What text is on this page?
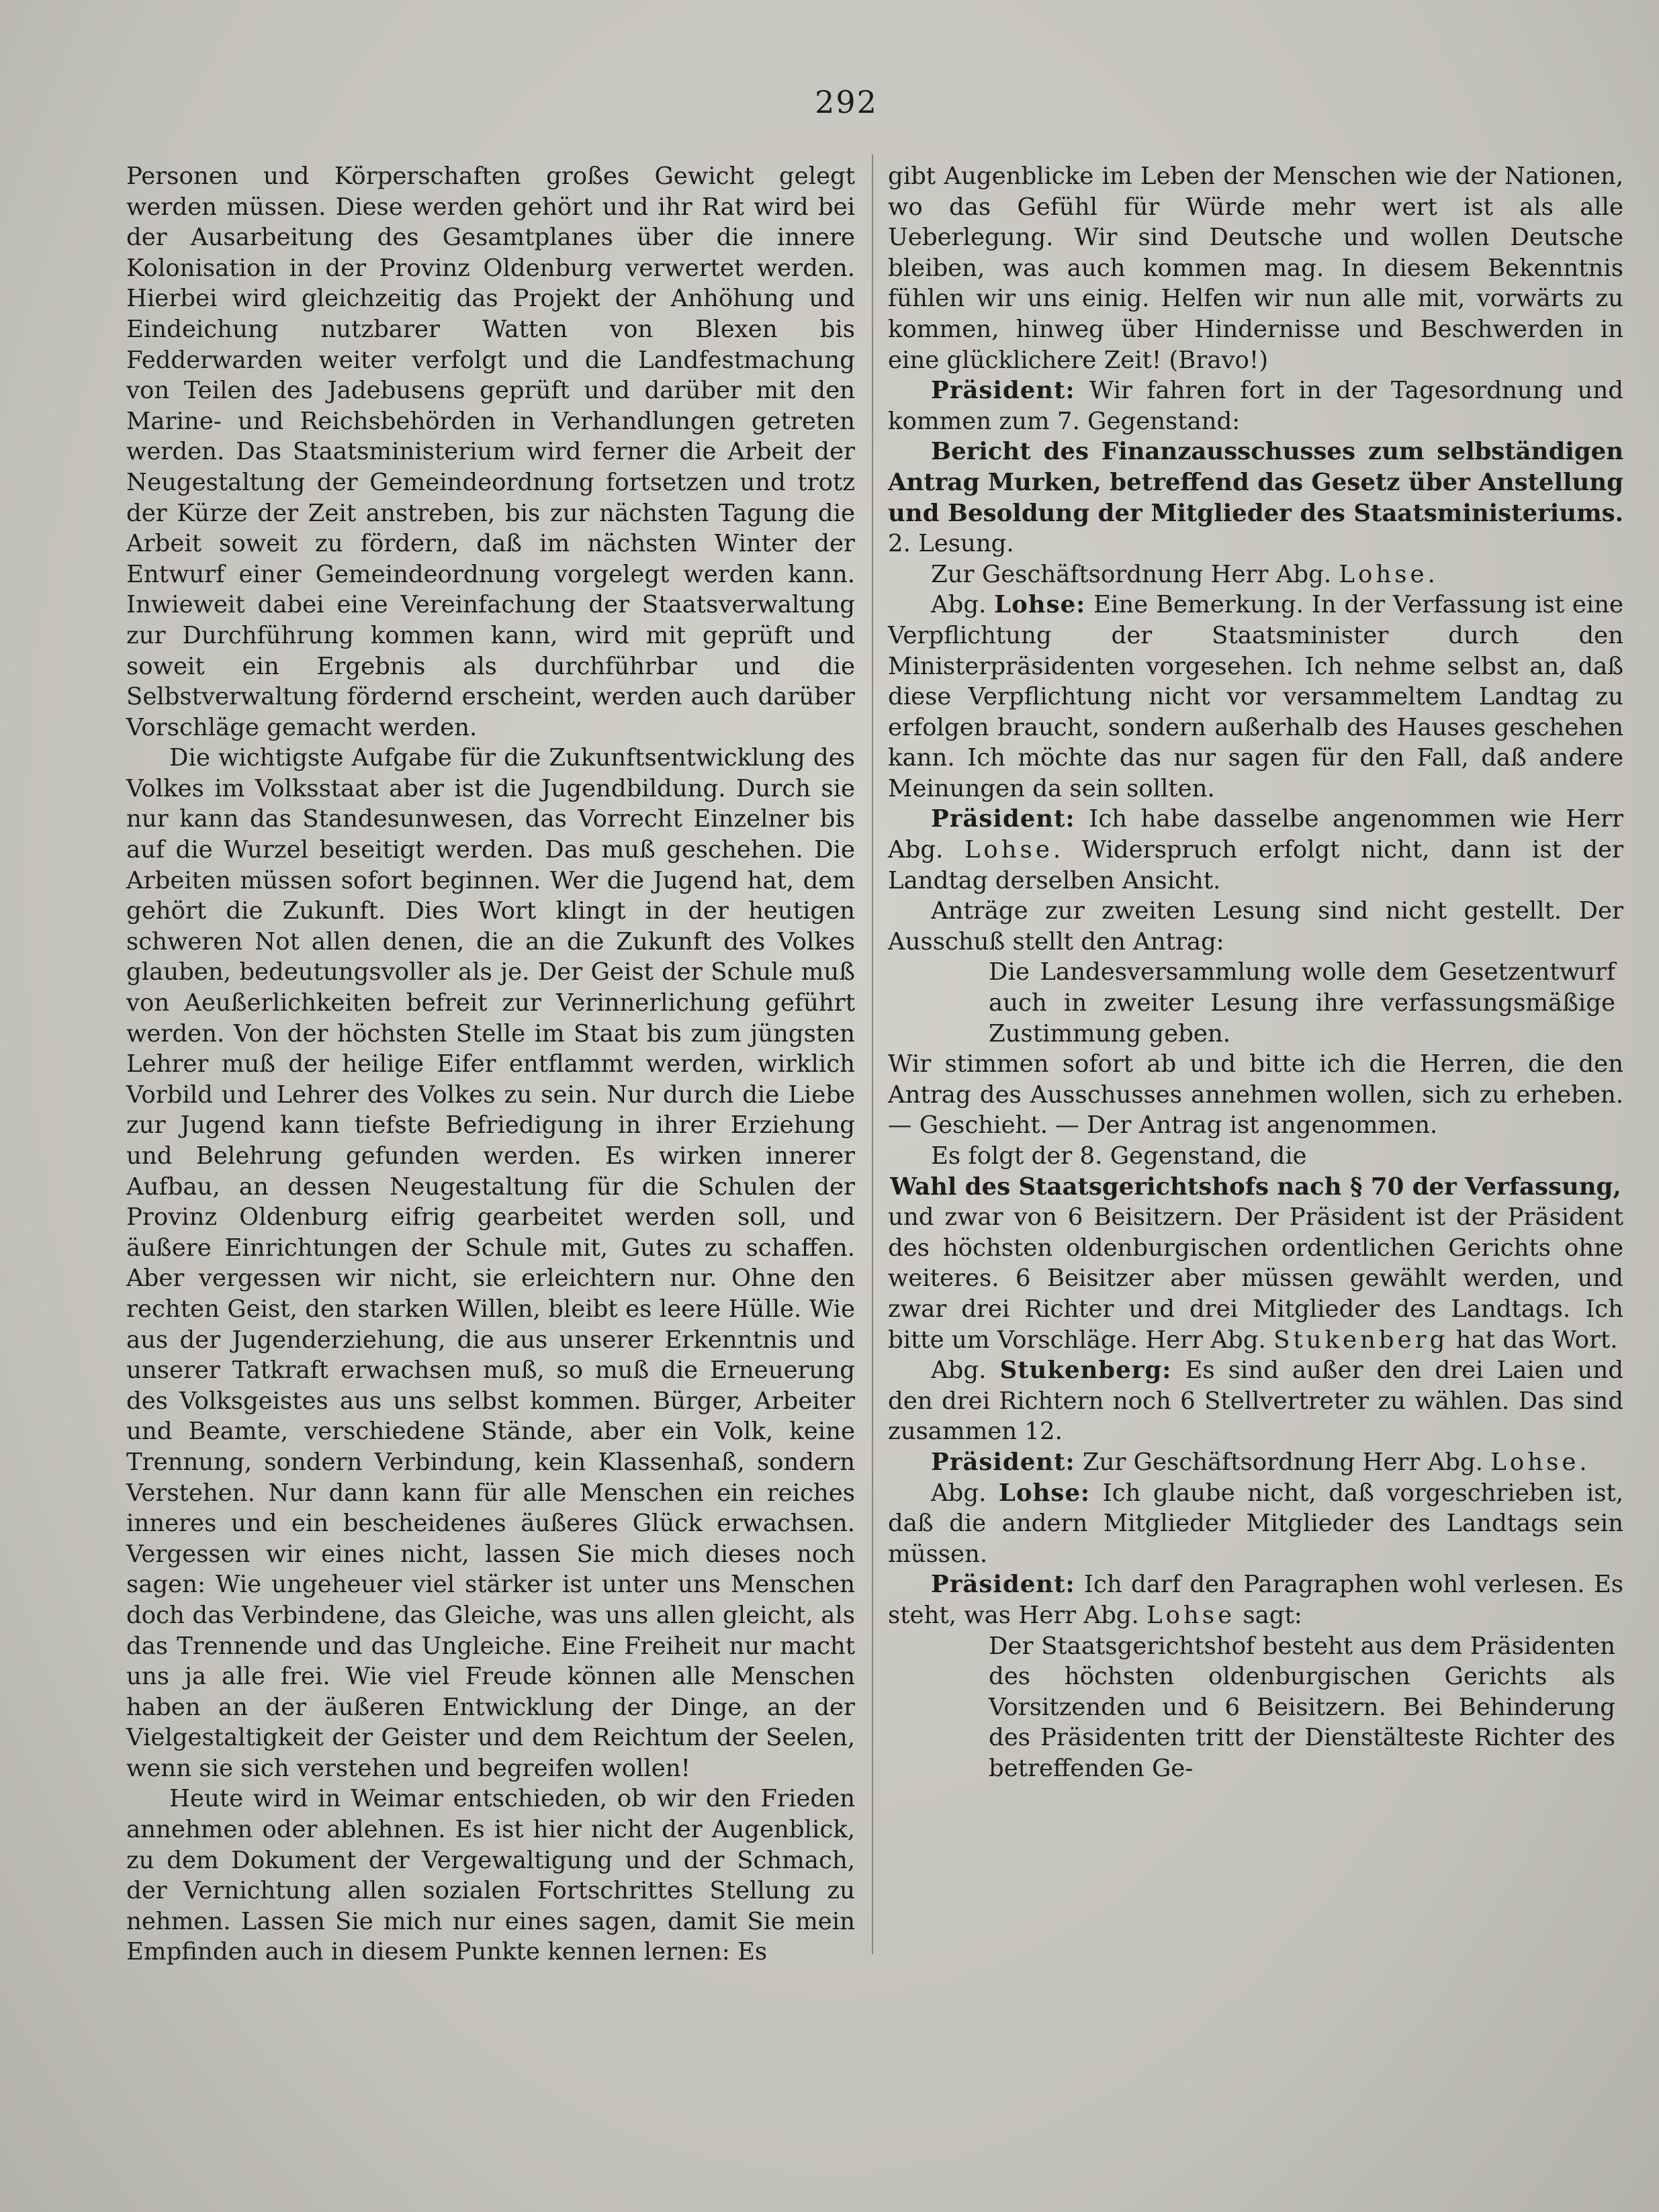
292

Personen und Körperschaften großes Gewicht gelegt werden müssen. Diese werden gehört und ihr Rat wird bei der Ausarbeitung des Gesamtplanes über die innere Kolonisation in der Provinz Oldenburg verwertet werden. Hierbei wird gleichzeitig das Projekt der Anhöhung und Eindeichung nutzbarer Watten von Blexen bis Fedderwarden weiter verfolgt und die Landfestmachung von Teilen des Jadebusens geprüft und darüber mit den Marine- und Reichsbehörden in Verhandlungen getreten werden. Das Staatsministerium wird ferner die Arbeit der Neugestaltung der Gemeindeordnung fortsetzen und trotz der Kürze der Zeit anstreben, bis zur nächsten Tagung die Arbeit soweit zu fördern, daß im nächsten Winter der Entwurf einer Gemeindeordnung vorgelegt werden kann. Inwieweit dabei eine Vereinfachung der Staatsverwaltung zur Durchführung kommen kann, wird mit geprüft und soweit ein Ergebnis als durchführbar und die Selbstverwaltung fördernd erscheint, werden auch darüber Vorschläge gemacht werden.

Die wichtigste Aufgabe für die Zukunftsentwicklung des Volkes im Volksstaat aber ist die Jugendbildung. Durch sie nur kann das Standesunwesen, das Vorrecht Einzelner bis auf die Wurzel beseitigt werden. Das muß geschehen. Die Arbeiten müssen sofort beginnen. Wer die Jugend hat, dem gehört die Zukunft. Dies Wort klingt in der heutigen schweren Not allen denen, die an die Zukunft des Volkes glauben, bedeutungsvoller als je. Der Geist der Schule muß von Aeußerlichkeiten befreit zur Verinnerlichung geführt werden. Von der höchsten Stelle im Staat bis zum jüngsten Lehrer muß der heilige Eifer entflammt werden, wirklich Vorbild und Lehrer des Volkes zu sein. Nur durch die Liebe zur Jugend kann tiefste Befriedigung in ihrer Erziehung und Belehrung gefunden werden. Es wirken innerer Aufbau, an dessen Neugestaltung für die Schulen der Provinz Oldenburg eifrig gearbeitet werden soll, und äußere Einrichtungen der Schule mit, Gutes zu schaffen. Aber vergessen wir nicht, sie erleichtern nur. Ohne den rechten Geist, den starken Willen, bleibt es leere Hülle. Wie aus der Jugenderziehung, die aus unserer Erkenntnis und unserer Tatkraft erwachsen muß, so muß die Erneuerung des Volksgeistes aus uns selbst kommen. Bürger, Arbeiter und Beamte, verschiedene Stände, aber ein Volk, keine Trennung, sondern Verbindung, kein Klassenhaß, sondern Verstehen. Nur dann kann für alle Menschen ein reiches inneres und ein bescheidenes äußeres Glück erwachsen. Vergessen wir eines nicht, lassen Sie mich dieses noch sagen: Wie ungeheuer viel stärker ist unter uns Menschen doch das Verbindene, das Gleiche, was uns allen gleicht, als das Trennende und das Ungleiche. Eine Freiheit nur macht uns ja alle frei. Wie viel Freude können alle Menschen haben an der äußeren Entwicklung der Dinge, an der Vielgestaltigkeit der Geister und dem Reichtum der Seelen, wenn sie sich verstehen und begreifen wollen!

Heute wird in Weimar entschieden, ob wir den Frieden annehmen oder ablehnen. Es ist hier nicht der Augenblick, zu dem Dokument der Vergewaltigung und der Schmach, der Vernichtung allen sozialen Fortschrittes Stellung zu nehmen. Lassen Sie mich nur eines sagen, damit Sie mein Empfinden auch in diesem Punkte kennen lernen: Es

gibt Augenblicke im Leben der Menschen wie der Nationen, wo das Gefühl für Würde mehr wert ist als alle Ueberlegung. Wir sind Deutsche und wollen Deutsche bleiben, was auch kommen mag. In diesem Bekenntnis fühlen wir uns einig. Helfen wir nun alle mit, vorwärts zu kommen, hinweg über Hindernisse und Beschwerden in eine glücklichere Zeit! (Bravo!)

Präsident: Wir fahren fort in der Tagesordnung und kommen zum 7. Gegenstand:

Bericht des Finanzausschusses zum selbständigen Antrag Murken, betreffend das Gesetz über Anstellung und Besoldung der Mitglieder des Staatsministeriums. 2. Lesung.

Zur Geschäftsordnung Herr Abg. Lohse.

Abg. Lohse: Eine Bemerkung. In der Verfassung ist eine Verpflichtung der Staatsminister durch den Ministerpräsidenten vorgesehen. Ich nehme selbst an, daß diese Verpflichtung nicht vor versammeltem Landtag zu erfolgen braucht, sondern außerhalb des Hauses geschehen kann. Ich möchte das nur sagen für den Fall, daß andere Meinungen da sein sollten.

Präsident: Ich habe dasselbe angenommen wie Herr Abg. Lohse. Widerspruch erfolgt nicht, dann ist der Landtag derselben Ansicht.

Anträge zur zweiten Lesung sind nicht gestellt. Der Ausschuß stellt den Antrag:

Die Landesversammlung wolle dem Gesetzentwurf auch in zweiter Lesung ihre verfassungsmäßige Zustimmung geben.

Wir stimmen sofort ab und bitte ich die Herren, die den Antrag des Ausschusses annehmen wollen, sich zu erheben. — Geschieht. — Der Antrag ist angenommen.

Es folgt der 8. Gegenstand, die

Wahl des Staatsgerichtshofs nach § 70 der Verfassung,

und zwar von 6 Beisitzern. Der Präsident ist der Präsident des höchsten oldenburgischen ordentlichen Gerichts ohne weiteres. 6 Beisitzer aber müssen gewählt werden, und zwar drei Richter und drei Mitglieder des Landtags. Ich bitte um Vorschläge. Herr Abg. Stukenberg hat das Wort.

Abg. Stukenberg: Es sind außer den drei Laien und den drei Richtern noch 6 Stellvertreter zu wählen. Das sind zusammen 12.

Präsident: Zur Geschäftsordnung Herr Abg. Lohse.

Abg. Lohse: Ich glaube nicht, daß vorgeschrieben ist, daß die andern Mitglieder Mitglieder des Landtags sein müssen.

Präsident: Ich darf den Paragraphen wohl verlesen. Es steht, was Herr Abg. Lohse sagt:

Der Staatsgerichtshof besteht aus dem Präsidenten des höchsten oldenburgischen Gerichts als Vorsitzenden und 6 Beisitzern. Bei Behinderung des Präsidenten tritt der Dienstälteste Richter des betreffenden Ge-
